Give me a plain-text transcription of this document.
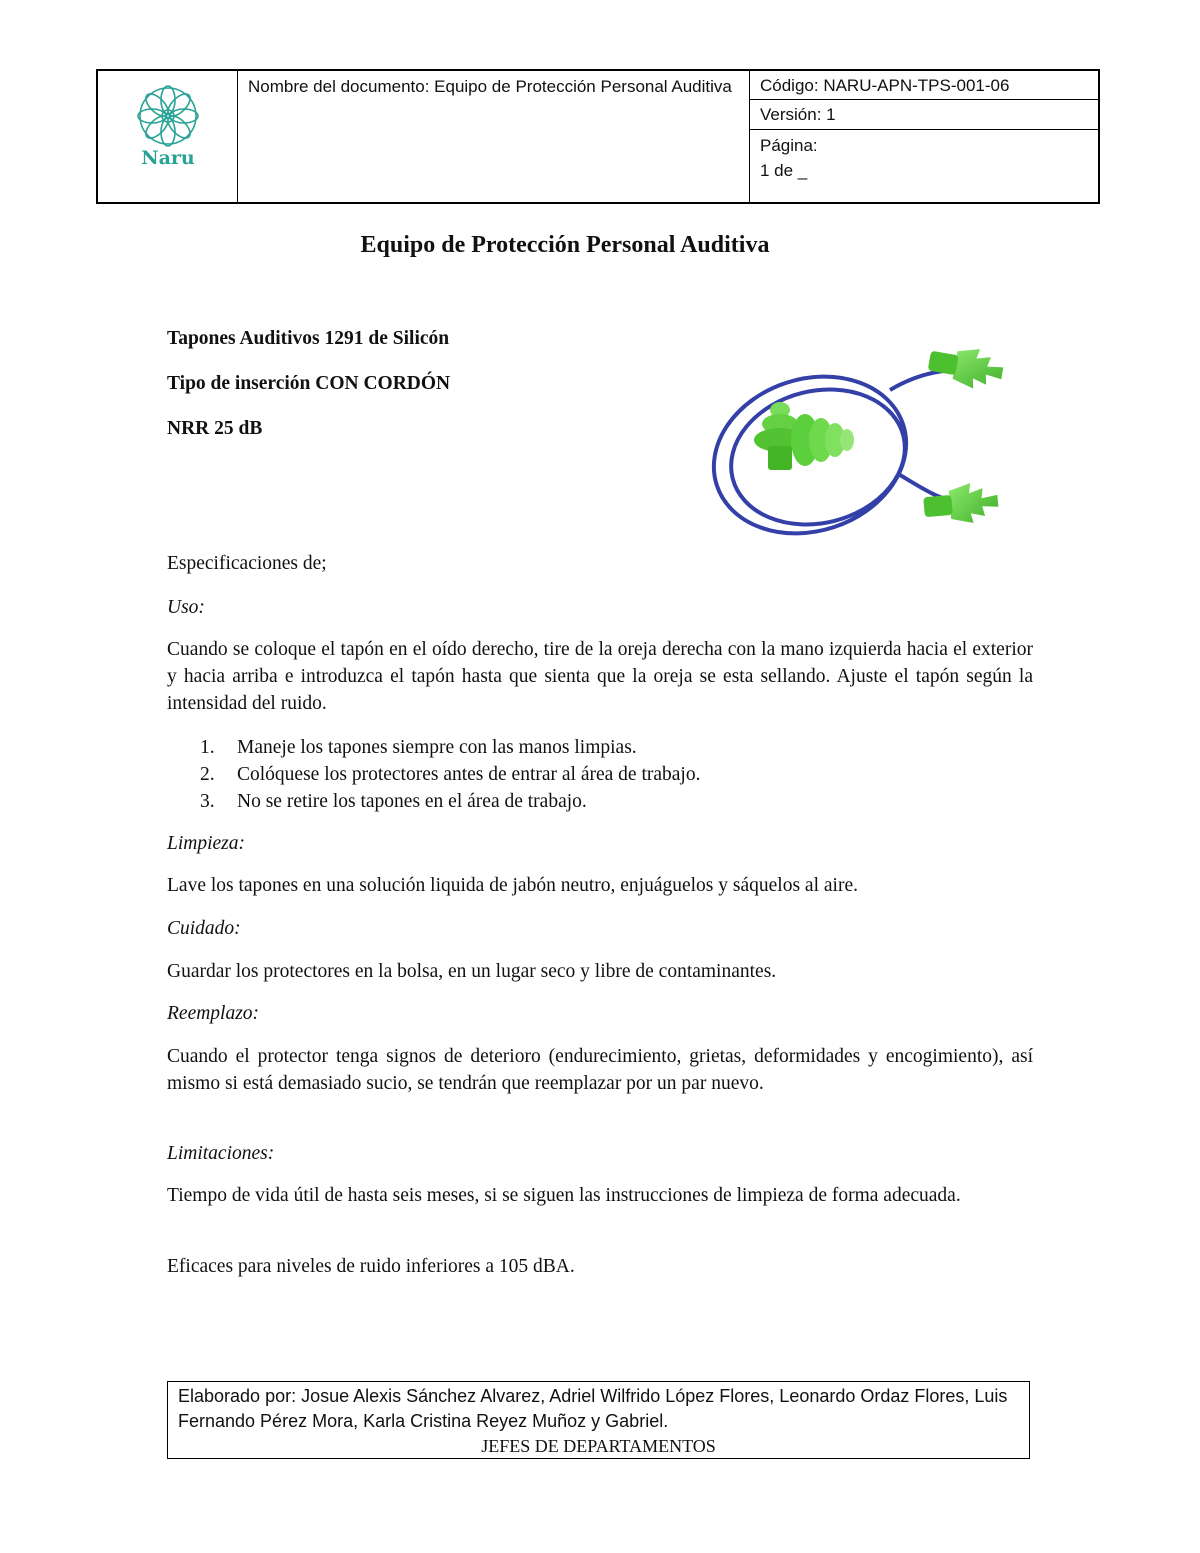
Naru
Nombre del documento: Equipo de Protección Personal Auditiva	Código: NARU-APN-TPS-001-06
Versión: 1
Página:
1 de _
Equipo de Protección Personal Auditiva
Tapones Auditivos 1291 de Silicón
Tipo de inserción CON CORDÓN
NRR 25 dB
Especificaciones de;
Uso:
Cuando se coloque el tapón en el oído derecho, tire de la oreja derecha con la mano izquierda hacia el exterior y hacia arriba e introduzca el tapón hasta que sienta que la oreja se esta sellando. Ajuste el tapón según la intensidad del ruido.
1. Maneje los tapones siempre con las manos limpias.
2. Colóquese los protectores antes de entrar al área de trabajo.
3. No se retire los tapones en el área de trabajo.
Limpieza:
Lave los tapones en una solución liquida de jabón neutro, enjuáguelos y sáquelos al aire.
Cuidado:
Guardar los protectores en la bolsa, en un lugar seco y libre de contaminantes.
Reemplazo:
Cuando el protector tenga signos de deterioro (endurecimiento, grietas, deformidades y encogimiento), así mismo si está demasiado sucio, se tendrán que reemplazar por un par nuevo.
Limitaciones:
Tiempo de vida útil de hasta seis meses, si se siguen las instrucciones de limpieza de forma adecuada.
Eficaces para niveles de ruido inferiores a 105 dBA.
Elaborado por: Josue Alexis Sánchez Alvarez, Adriel Wilfrido López Flores, Leonardo Ordaz Flores, Luis Fernando Pérez Mora, Karla Cristina Reyez Muñoz y Gabriel.
JEFES DE DEPARTAMENTOS
